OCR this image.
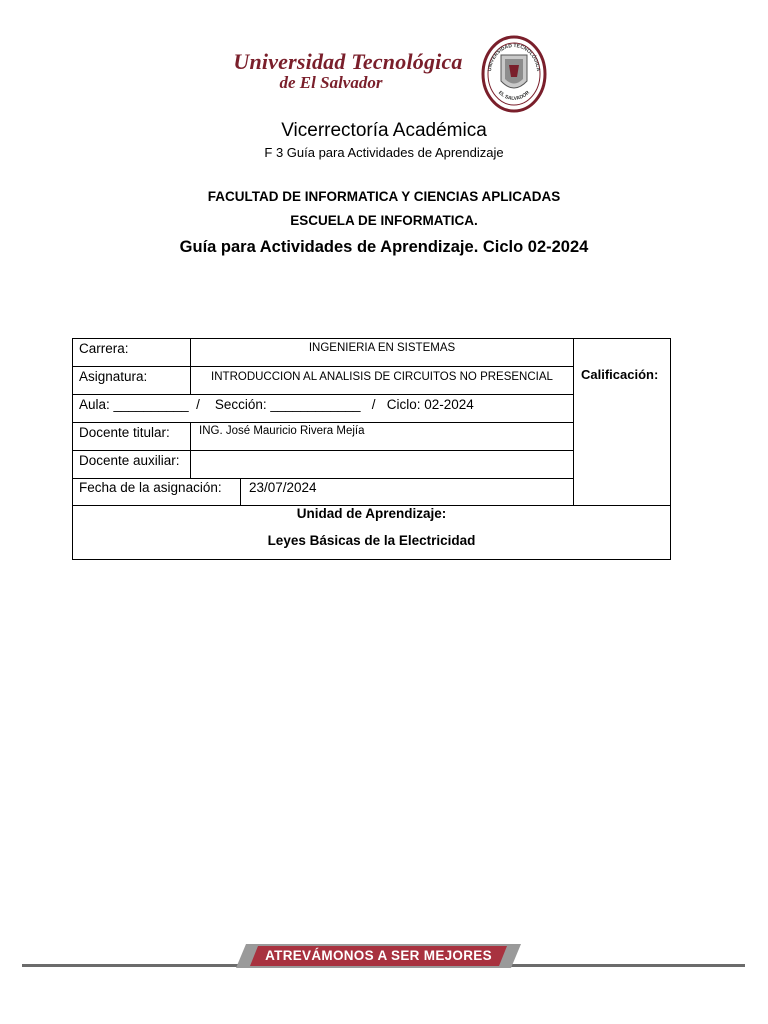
Universidad Tecnológica
de El Salvador
UNIVERSIDAD TECNOLÓGICA
EL SALVADOR
Vicerrectoría Académica
F 3 Guía para Actividades de Aprendizaje
FACULTAD DE INFORMATICA Y CIENCIAS APLICADAS
ESCUELA DE INFORMATICA.
Guía para Actividades de Aprendizaje. Ciclo 02-2024
Carrera:	INGENIERIA EN SISTEMAS
Asignatura:	INTRODUCCION AL ANALISIS DE CIRCUITOS NO PRESENCIAL
Aula: __________  /    Sección: ____________   /   Ciclo: 02-2024
Docente titular:	ING. José Mauricio Rivera Mejía
Docente auxiliar:
Fecha de la asignación: 23/07/2024
Calificación:
Unidad de Aprendizaje:
Leyes Básicas de la Electricidad
ATREVÁMONOS A SER MEJORES
